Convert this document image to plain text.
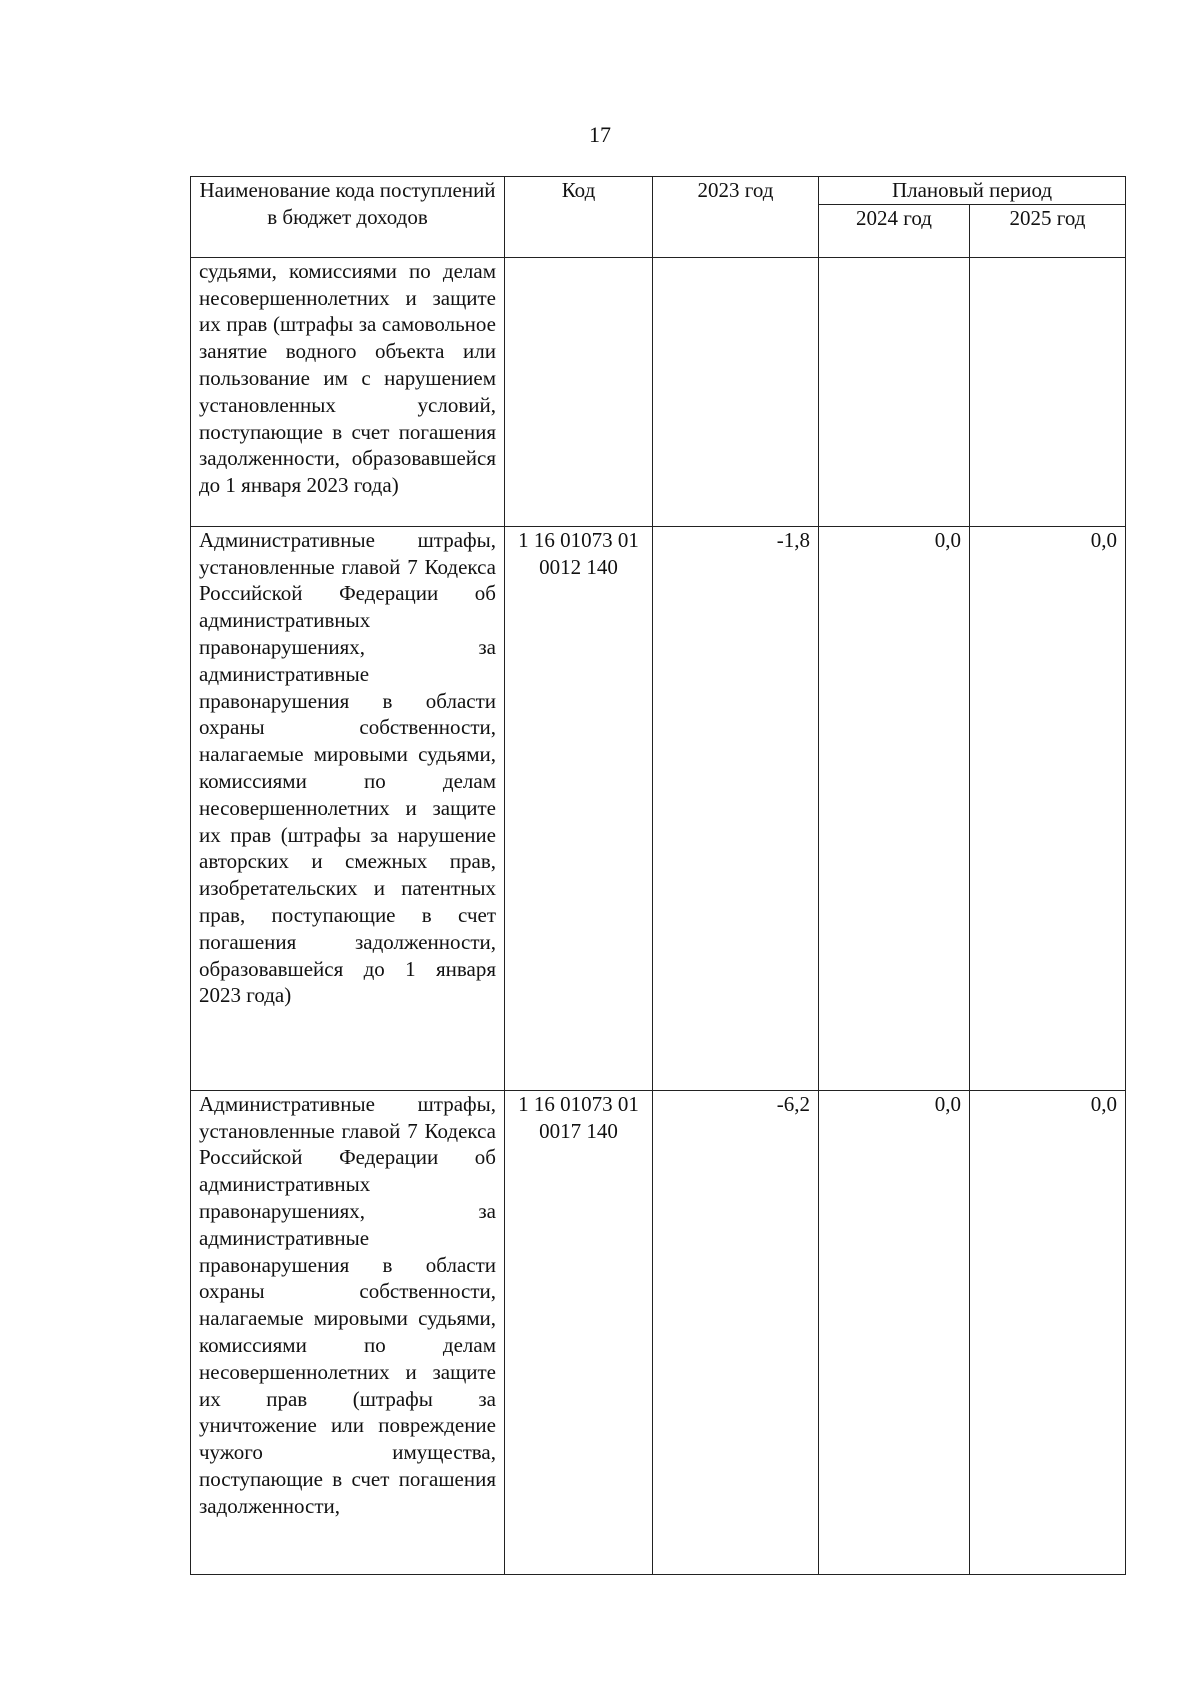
17
Наименование кода поступлений в бюджет доходов	Код	2023 год	Плановый период	
			2024 год	2025 год
судьями, комиссиями по делам несовершеннолетних и защите их прав (штрафы за самовольное занятие водного объекта или пользование им с нарушением установленных условий, поступающие в счет погашения задолженности, образовавшейся до 1 января 2023 года)				
Административные штрафы, установленные главой 7 Кодекса Российской Федерации об административных правонарушениях, за административные правонарушения в области охраны собственности, налагаемые мировыми судьями, комиссиями по делам несовершеннолетних и защите их прав (штрафы за нарушение авторских и смежных прав, изобретательских и патентных прав, поступающие в счет погашения задолженности, образовавшейся до 1 января 2023 года)	1 16 01073 01 0012 140	-1,8	0,0	0,0
Административные штрафы, установленные главой 7 Кодекса Российской Федерации об административных правонарушениях, за административные правонарушения в области охраны собственности, налагаемые мировыми судьями, комиссиями по делам несовершеннолетних и защите их прав (штрафы за уничтожение или повреждение чужого имущества, поступающие в счет погашения задолженности,	1 16 01073 01 0017 140	-6,2	0,0	0,0
